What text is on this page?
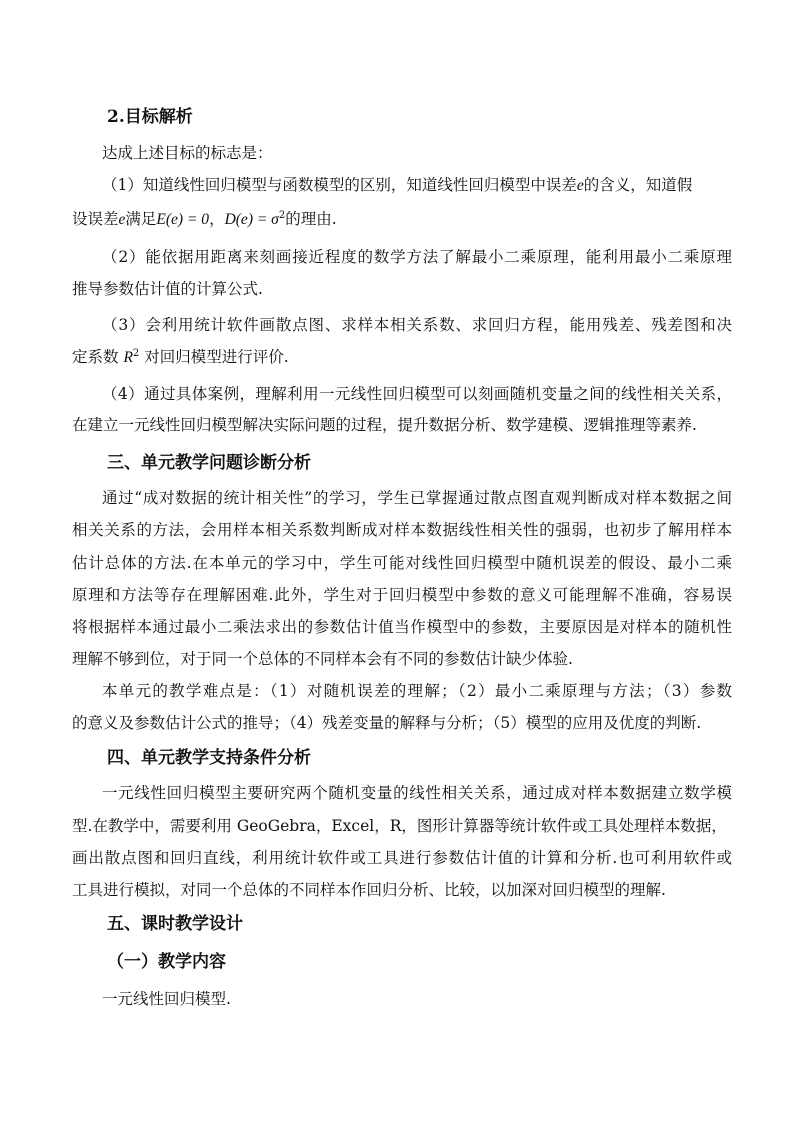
2.目标解析
达成上述目标的标志是：
（1）知道线性回归模型与函数模型的区别，知道线性回归模型中误差e的含义，知道假
设误差e满足E(e) = 0，$D(e) = \sigma^2$的理由.
（2）能依据用距离来刻画接近程度的数学方法了解最小二乘原理，能利用最小二乘原理
推导参数估计值的计算公式.
（3）会利用统计软件画散点图、求样本相关系数、求回归方程，能用残差、残差图和决
定系数 $R^2$ 对回归模型进行评价.
（4）通过具体案例，理解利用一元线性回归模型可以刻画随机变量之间的线性相关关系，
在建立一元线性回归模型解决实际问题的过程，提升数据分析、数学建模、逻辑推理等素养.
三、单元教学问题诊断分析
通过“成对数据的统计相关性”的学习，学生已掌握通过散点图直观判断成对样本数据之间
相关关系的方法，会用样本相关系数判断成对样本数据线性相关性的强弱，也初步了解用样本
估计总体的方法.在本单元的学习中，学生可能对线性回归模型中随机误差的假设、最小二乘
原理和方法等存在理解困难.此外，学生对于回归模型中参数的意义可能理解不准确，容易误
将根据样本通过最小二乘法求出的参数估计值当作模型中的参数，主要原因是对样本的随机性
理解不够到位，对于同一个总体的不同样本会有不同的参数估计缺少体验.
本单元的教学难点是：（1）对随机误差的理解；（2）最小二乘原理与方法；（3）参数
的意义及参数估计公式的推导；（4）残差变量的解释与分析；（5）模型的应用及优度的判断.
四、单元教学支持条件分析
一元线性回归模型主要研究两个随机变量的线性相关关系，通过成对样本数据建立数学模
型.在教学中，需要利用 GeoGebra，Excel，R，图形计算器等统计软件或工具处理样本数据，
画出散点图和回归直线，利用统计软件或工具进行参数估计值的计算和分析.也可利用软件或
工具进行模拟，对同一个总体的不同样本作回归分析、比较，以加深对回归模型的理解.
五、课时教学设计
（一）教学内容
一元线性回归模型.
